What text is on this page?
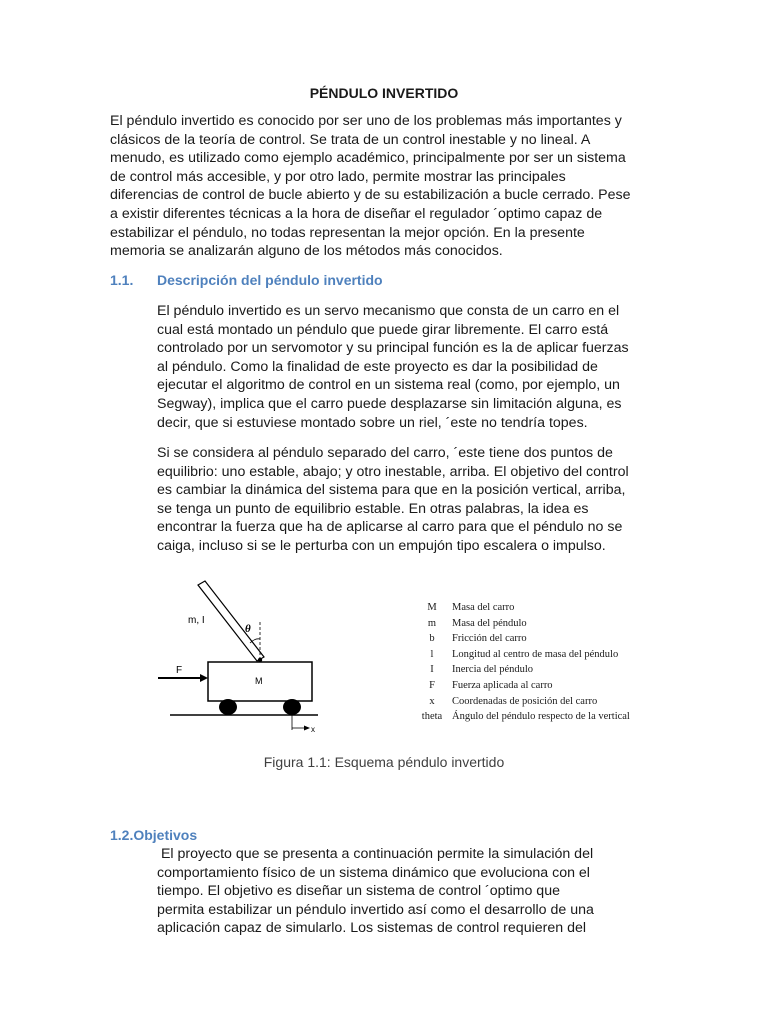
PÉNDULO INVERTIDO

El péndulo invertido es conocido por ser uno de los problemas más importantes y
clásicos de la teoría de control. Se trata de un control inestable y no lineal. A
menudo, es utilizado como ejemplo académico, principalmente por ser un sistema
de control más accesible, y por otro lado, permite mostrar las principales
diferencias de control de bucle abierto y de su estabilización a bucle cerrado. Pese
a existir diferentes técnicas a la hora de diseñar el regulador ´optimo capaz de
estabilizar el péndulo, no todas representan la mejor opción. En la presente
memoria se analizarán alguno de los métodos más conocidos.

1.1. Descripción del péndulo invertido

El péndulo invertido es un servo mecanismo que consta de un carro en el
cual está montado un péndulo que puede girar libremente. El carro está
controlado por un servomotor y su principal función es la de aplicar fuerzas
al péndulo. Como la finalidad de este proyecto es dar la posibilidad de
ejecutar el algoritmo de control en un sistema real (como, por ejemplo, un
Segway), implica que el carro puede desplazarse sin limitación alguna, es
decir, que si estuviese montado sobre un riel, ´este no tendría topes.

Si se considera al péndulo separado del carro, ´este tiene dos puntos de
equilibrio: uno estable, abajo; y otro inestable, arriba. El objetivo del control
es cambiar la dinámica del sistema para que en la posición vertical, arriba,
se tenga un punto de equilibrio estable. En otras palabras, la idea es
encontrar la fuerza que ha de aplicarse al carro para que el péndulo no se
caiga, incluso si se le perturba con un empujón tipo escalera o impulso.

m, I
θ
F
M
x
M	Masa del carro
m	Masa del péndulo
b	Fricción del carro
l	Longitud al centro de masa del péndulo
I	Inercia del péndulo
F	Fuerza aplicada al carro
x	Coordenadas de posición del carro
theta Ángulo del péndulo respecto de la vertical
Figura 1.1: Esquema péndulo invertido
1.2.Objetivos

El proyecto que se presenta a continuación permite la simulación del
comportamiento físico de un sistema dinámico que evoluciona con el
tiempo. El objetivo es diseñar un sistema de control ´optimo que
permita estabilizar un péndulo invertido así como el desarrollo de una
aplicación capaz de simularlo. Los sistemas de control requieren del
